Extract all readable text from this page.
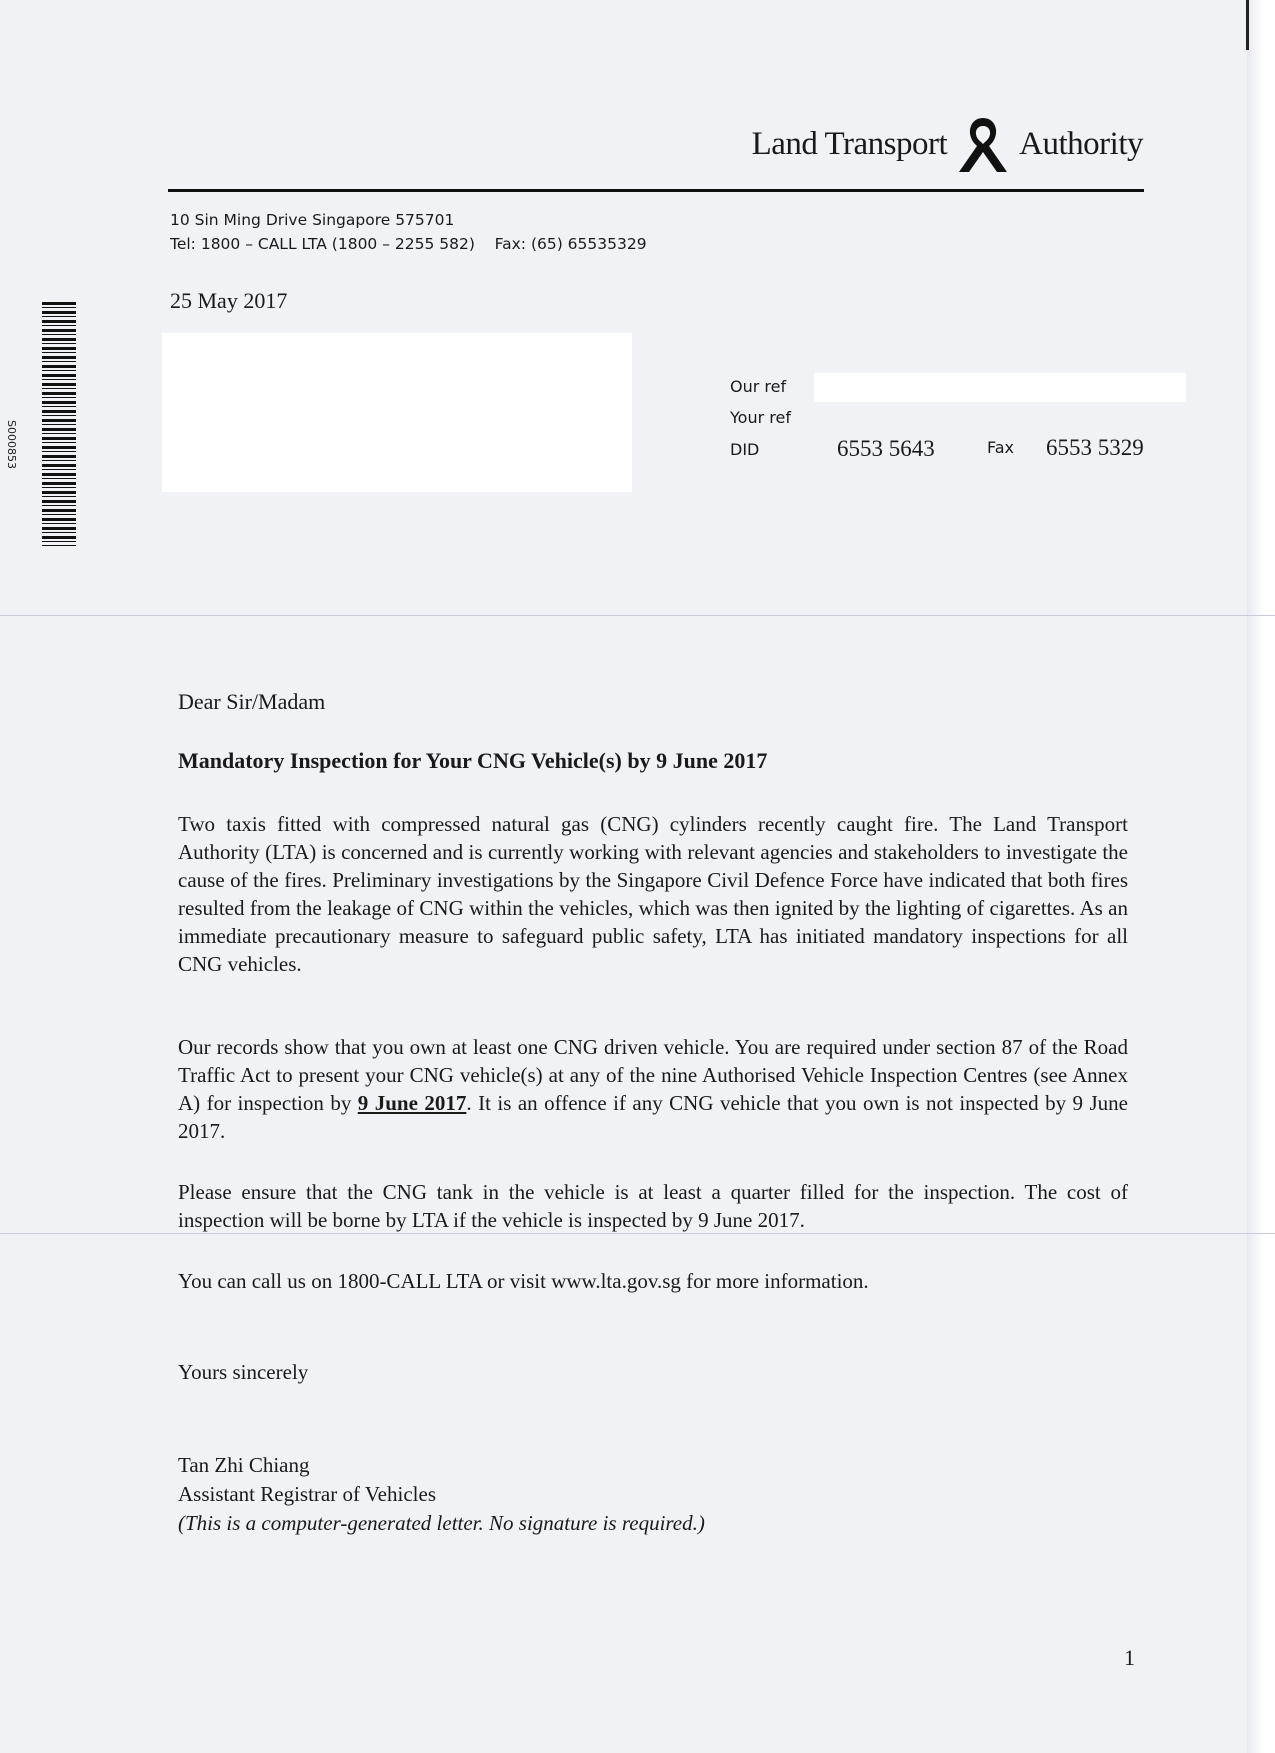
Land Transport Authority
10 Sin Ming Drive Singapore 575701
Tel: 1800 – CALL LTA (1800 – 2255 582) Fax: (65) 65535329
S000853
25 May 2017
Our ref
Your ref
DID	6553 5643	Fax 6553 5329
Dear Sir/Madam
Mandatory Inspection for Your CNG Vehicle(s) by 9 June 2017
Two taxis fitted with compressed natural gas (CNG) cylinders recently caught fire. The Land Transport Authority (LTA) is concerned and is currently working with relevant agencies and stakeholders to investigate the cause of the fires. Preliminary investigations by the Singapore Civil Defence Force have indicated that both fires resulted from the leakage of CNG within the vehicles, which was then ignited by the lighting of cigarettes. As an immediate precautionary measure to safeguard public safety, LTA has initiated mandatory inspections for all CNG vehicles.
Our records show that you own at least one CNG driven vehicle. You are required under section 87 of the Road Traffic Act to present your CNG vehicle(s) at any of the nine Authorised Vehicle Inspection Centres (see Annex A) for inspection by 9 June 2017. It is an offence if any CNG vehicle that you own is not inspected by 9 June 2017.
Please ensure that the CNG tank in the vehicle is at least a quarter filled for the inspection. The cost of inspection will be borne by LTA if the vehicle is inspected by 9 June 2017.
You can call us on 1800-CALL LTA or visit www.lta.gov.sg for more information.
Yours sincerely
Tan Zhi Chiang
Assistant Registrar of Vehicles
(This is a computer-generated letter. No signature is required.)
1
